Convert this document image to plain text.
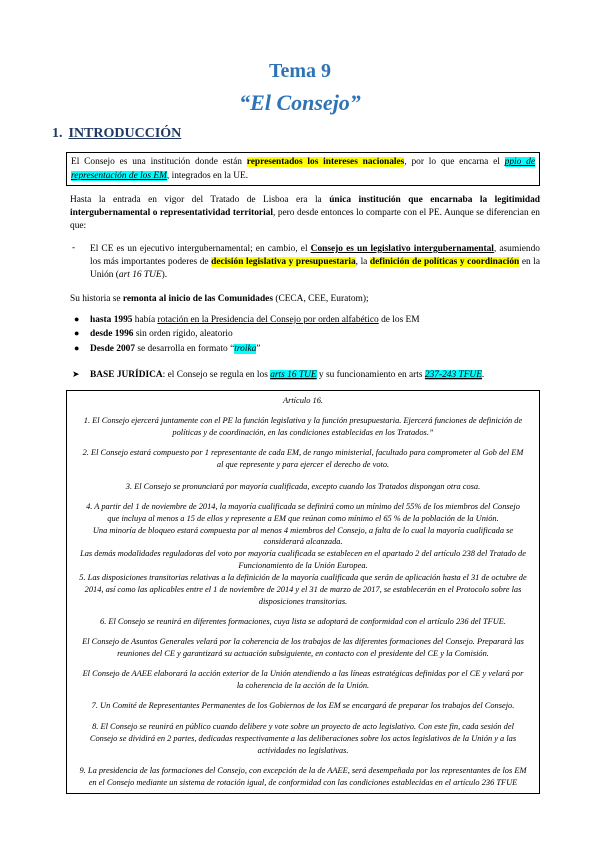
Tema 9
“El Consejo”
1. INTRODUCCIÓN
El Consejo es una institución donde están representados los intereses nacionales, por lo que encarna el ppio de representación de los EM, integrados en la UE.
Hasta la entrada en vigor del Tratado de Lisboa era la única institución que encarnaba la legitimidad intergubernamental o representatividad territorial, pero desde entonces lo comparte con el PE. Aunque se diferencian en que:
- El CE es un ejecutivo intergubernamental; en cambio, el Consejo es un legislativo intergubernamental, asumiendo los más importantes poderes de decisión legislativa y presupuestaria, la definición de políticas y coordinación en la Unión (art 16 TUE).
Su historia se remonta al inicio de las Comunidades (CECA, CEE, Euratom);
● hasta 1995 había rotación en la Presidencia del Consejo por orden alfabético de los EM
● desde 1996 sin orden rígido, aleatorio
● Desde 2007 se desarrolla en formato “troika”
➤ BASE JURÍDICA: el Consejo se regula en los arts 16 TUE y su funcionamiento en arts 237-243 TFUE.
Artículo 16.
1. El Consejo ejercerá juntamente con el PE la función legislativa y la función presupuestaria. Ejercerá funciones de definición de
políticas y de coordinación, en las condiciones establecidas en los Tratados.”
2. El Consejo estará compuesto por 1 representante de cada EM, de rango ministerial, facultado para comprometer al Gob del EM
al que represente y para ejercer el derecho de voto.
3. El Consejo se pronunciará por mayoría cualificada, excepto cuando los Tratados dispongan otra cosa.
4. A partir del 1 de noviembre de 2014, la mayoría cualificada se definirá como un mínimo del 55% de los miembros del Consejo
que incluya al menos a 15 de ellos y represente a EM que reúnan como mínimo el 65 % de la población de la Unión.
Una minoría de bloqueo estará compuesta por al menos 4 miembros del Consejo, a falta de lo cual la mayoría cualificada se
considerará alcanzada.
Las demás modalidades reguladoras del voto por mayoría cualificada se establecen en el apartado 2 del artículo 238 del Tratado de
Funcionamiento de la Unión Europea.
5. Las disposiciones transitorias relativas a la definición de la mayoría cualificada que serán de aplicación hasta el 31 de octubre de
2014, así como las aplicables entre el 1 de noviembre de 2014 y el 31 de marzo de 2017, se establecerán en el Protocolo sobre las
disposiciones transitorias.
6. El Consejo se reunirá en diferentes formaciones, cuya lista se adoptará de conformidad con el artículo 236 del TFUE.
El Consejo de Asuntos Generales velará por la coherencia de los trabajos de las diferentes formaciones del Consejo. Preparará las
reuniones del CE y garantizará su actuación subsiguiente, en contacto con el presidente del CE y la Comisión.
El Consejo de AAEE elaborará la acción exterior de la Unión atendiendo a las líneas estratégicas definidas por el CE y velará por
la coherencia de la acción de la Unión.
7. Un Comité de Representantes Permanentes de los Gobiernos de los EM se encargará de preparar los trabajos del Consejo.
8. El Consejo se reunirá en público cuando delibere y vote sobre un proyecto de acto legislativo. Con este fin, cada sesión del
Consejo se dividirá en 2 partes, dedicadas respectivamente a las deliberaciones sobre los actos legislativos de la Unión y a las
actividades no legislativas.
9. La presidencia de las formaciones del Consejo, con excepción de la de AAEE, será desempeñada por los representantes de los EM
en el Consejo mediante un sistema de rotación igual, de conformidad con las condiciones establecidas en el artículo 236 TFUE
